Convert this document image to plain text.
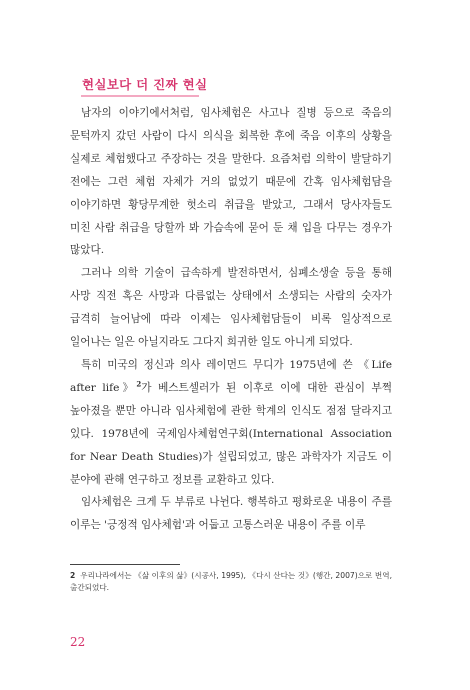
현실보다 더 진짜 현실

남자의 이야기에서처럼, 임사체험은 사고나 질병 등으로 죽음의 문턱까지 갔던 사람이 다시 의식을 회복한 후에 죽음 이후의 상황을 실제로 체험했다고 주장하는 것을 말한다. 요즘처럼 의학이 발달하기 전에는 그런 체험 자체가 거의 없었기 때문에 간혹 임사체험담을 이야기하면 황당무계한 헛소리 취급을 받았고, 그래서 당사자들도 미친 사람 취급을 당할까 봐 가슴속에 묻어 둔 채 입을 다무는 경우가 많았다.

그러나 의학 기술이 급속하게 발전하면서, 심폐소생술 등을 통해 사망 직전 혹은 사망과 다름없는 상태에서 소생되는 사람의 숫자가 급격히 늘어남에 따라 이제는 임사체험담들이 비록 일상적으로 일어나는 일은 아닐지라도 그다지 희귀한 일도 아니게 되었다.

특히 미국의 정신과 의사 레이먼드 무디가 1975년에 쓴 《Life after life》$^2$가 베스트셀러가 된 이후로 이에 대한 관심이 부쩍 높아졌을 뿐만 아니라 임사체험에 관한 학계의 인식도 점점 달라지고 있다. 1978년에 국제임사체험연구회(International Association for Near Death Studies)가 설립되었고, 많은 과학자가 지금도 이 분야에 관해 연구하고 정보를 교환하고 있다.

임사체험은 크게 두 부류로 나뉜다. 행복하고 평화로운 내용이 주를 이루는 '긍정적 임사체험'과 어둡고 고통스러운 내용이 주를 이루

2 우리나라에서는 《삶 이후의 삶》(시공사, 1995), 《다시 산다는 것》(행간, 2007)으로 번역, 출간되었다.

22
